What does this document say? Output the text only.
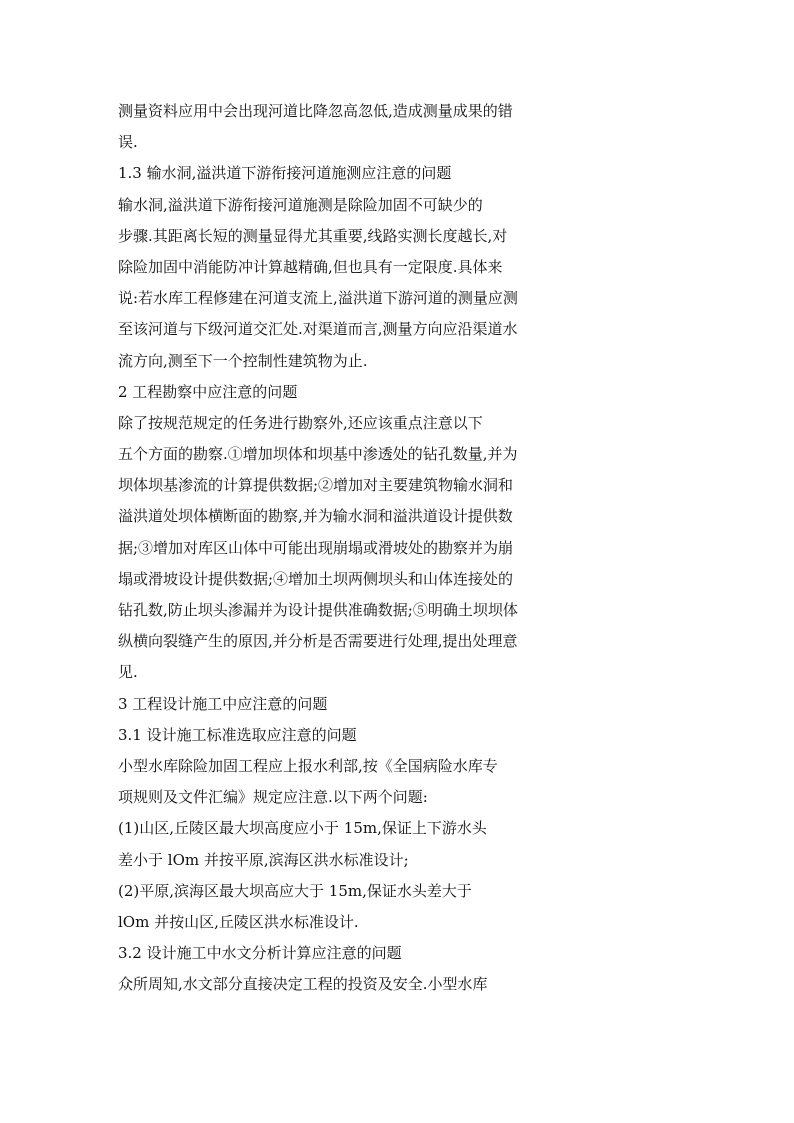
测量资料应用中会出现河道比降忽高忽低,造成测量成果的错
误.
1.3 输水洞,溢洪道下游衔接河道施测应注意的问题
输水洞,溢洪道下游衔接河道施测是除险加固不可缺少的
步骤.其距离长短的测量显得尤其重要,线路实测长度越长,对
除险加固中消能防冲计算越精确,但也具有一定限度.具体来
说:若水库工程修建在河道支流上,溢洪道下游河道的测量应测
至该河道与下级河道交汇处.对渠道而言,测量方向应沿渠道水
流方向,测至下一个控制性建筑物为止.
2 工程勘察中应注意的问题
除了按规范规定的任务进行勘察外,还应该重点注意以下
五个方面的勘察.①增加坝体和坝基中渗透处的钻孔数量,并为
坝体坝基渗流的计算提供数据;②增加对主要建筑物输水洞和
溢洪道处坝体横断面的勘察,并为输水洞和溢洪道设计提供数
据;③增加对库区山体中可能出现崩塌或滑坡处的勘察并为崩
塌或滑坡设计提供数据;④增加土坝两侧坝头和山体连接处的
钻孔数,防止坝头渗漏并为设计提供准确数据;⑤明确土坝坝体
纵横向裂缝产生的原因,并分析是否需要进行处理,提出处理意
见.
3 工程设计施工中应注意的问题
3.1 设计施工标准选取应注意的问题
小型水库除险加固工程应上报水利部,按《全国病险水库专
项规则及文件汇编》规定应注意.以下两个问题:
(1)山区,丘陵区最大坝高度应小于 15m,保证上下游水头
差小于 lOm 并按平原,滨海区洪水标准设计;
(2)平原,滨海区最大坝高应大于 15m,保证水头差大于
lOm 并按山区,丘陵区洪水标准设计.
3.2 设计施工中水文分析计算应注意的问题
众所周知,水文部分直接决定工程的投资及安全.小型水库
